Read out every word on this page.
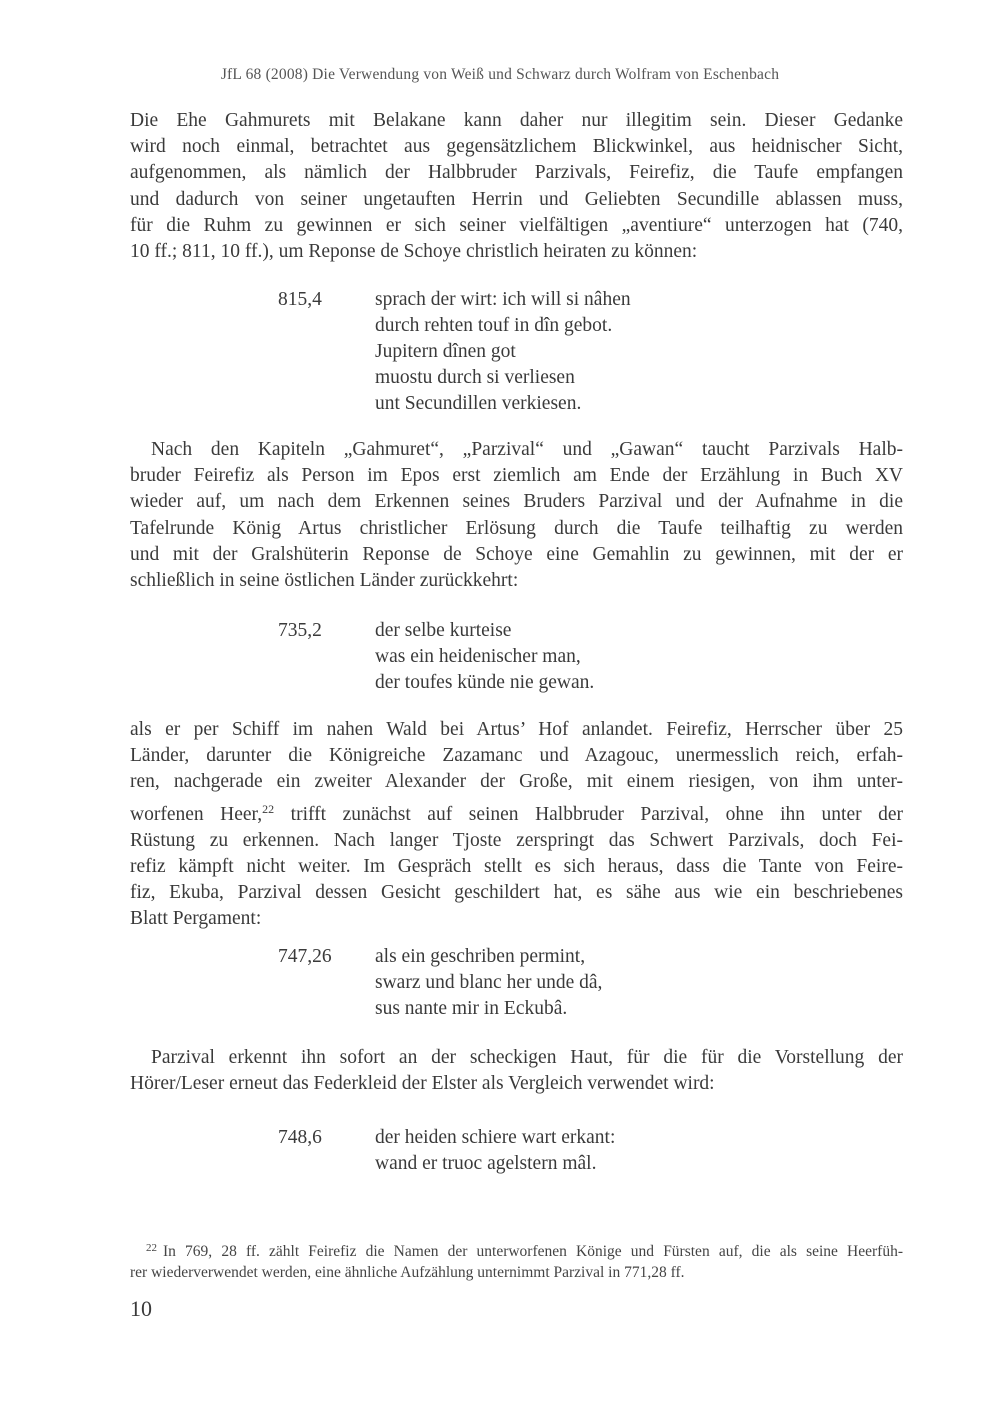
JfL 68 (2008) Die Verwendung von Weiß und Schwarz durch Wolfram von Eschenbach
Die Ehe Gahmurets mit Belakane kann daher nur illegitim sein. Dieser Gedanke
wird noch einmal, betrachtet aus gegensätzlichem Blickwinkel, aus heidnischer Sicht,
aufgenommen, als nämlich der Halbbruder Parzivals, Feirefiz, die Taufe empfangen
und dadurch von seiner ungetauften Herrin und Geliebten Secundille ablassen muss,
für die Ruhm zu gewinnen er sich seiner vielfältigen „aventiure“ unterzogen hat (740,
10 ff.; 811, 10 ff.), um Reponse de Schoye christlich heiraten zu können:
815,4	sprach der wirt: ich will si nâhen
durch rehten touf in dîn gebot.
Jupitern dînen got
muostu durch si verliesen
unt Secundillen verkiesen.
Nach den Kapiteln „Gahmuret“, „Parzival“ und „Gawan“ taucht Parzivals Halb-
bruder Feirefiz als Person im Epos erst ziemlich am Ende der Erzählung in Buch XV
wieder auf, um nach dem Erkennen seines Bruders Parzival und der Aufnahme in die
Tafelrunde König Artus christlicher Erlösung durch die Taufe teilhaftig zu werden
und mit der Gralshüterin Reponse de Schoye eine Gemahlin zu gewinnen, mit der er
schließlich in seine östlichen Länder zurückkehrt:
735,2	der selbe kurteise
was ein heidenischer man,
der toufes künde nie gewan.
als er per Schiff im nahen Wald bei Artus’ Hof anlandet. Feirefiz, Herrscher über 25
Länder, darunter die Königreiche Zazamanc und Azagouc, unermesslich reich, erfah-
ren, nachgerade ein zweiter Alexander der Große, mit einem riesigen, von ihm unter-
worfenen Heer,$^{22}$ trifft zunächst auf seinen Halbbruder Parzival, ohne ihn unter der
Rüstung zu erkennen. Nach langer Tjoste zerspringt das Schwert Parzivals, doch Fei-
refiz kämpft nicht weiter. Im Gespräch stellt es sich heraus, dass die Tante von Feire-
fiz, Ekuba, Parzival dessen Gesicht geschildert hat, es sähe aus wie ein beschriebenes
Blatt Pergament:
747,26	als ein geschriben permint,
swarz und blanc her unde dâ,
sus nante mir in Eckubâ.
Parzival erkennt ihn sofort an der scheckigen Haut, für die für die Vorstellung der
Hörer/Leser erneut das Federkleid der Elster als Vergleich verwendet wird:
748,6	der heiden schiere wart erkant:
wand er truoc agelstern mâl.
$^{22}$ In 769, 28 ff. zählt Feirefiz die Namen der unterworfenen Könige und Fürsten auf, die als seine Heerfüh-
rer wiederverwendet werden, eine ähnliche Aufzählung unternimmt Parzival in 771,28 ff.
10
